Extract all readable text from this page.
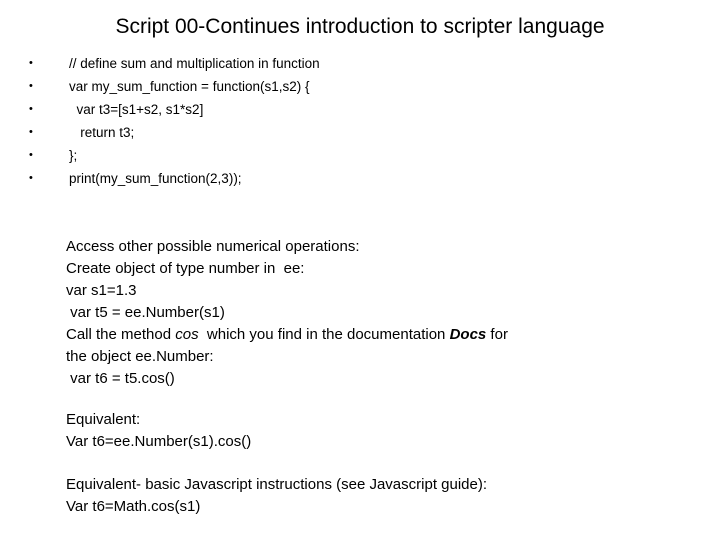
Script 00-Continues introduction to scripter language

•

	// define sum and multiplication in function

•

	var my_sum_function = function(s1,s2) {

•

	var t3=[s1+s2, s1*s2]

•

	return t3;

•

	};

•

	print(my_sum_function(2,3));

Access other possible numerical operations:
Create object of type number in  ee:
var s1=1.3
var t5 = ee.Number(s1)
Call the method cos  which you find in the documentation Docs for
the object ee.Number:
var t6 = t5.cos()
Equivalent:
Var t6=ee.Number(s1).cos()
Equivalent- basic Javascript instructions (see Javascript guide):
Var t6=Math.cos(s1)
